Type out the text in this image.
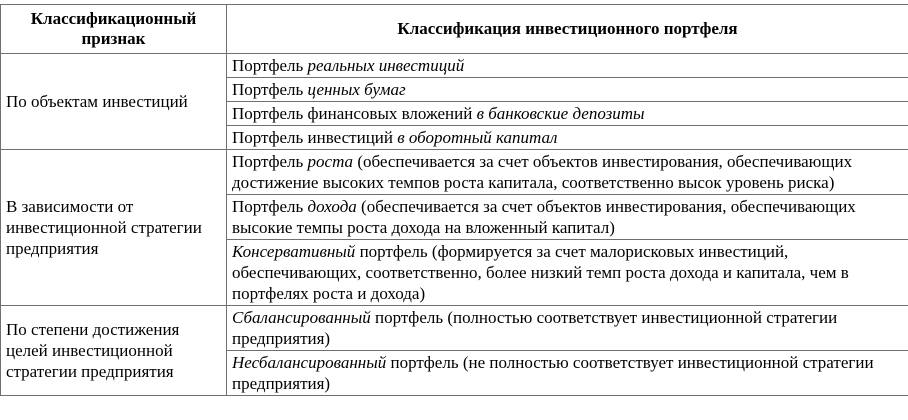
Классификационный признак	Классификация инвестиционного портфеля
По объектам инвестиций	Портфель реальных инвестиций
	Портфель ценных бумаг
	Портфель финансовых вложений в банковские депозиты
	Портфель инвестиций в оборотный капитал
В зависимости от инвестиционной стратегии предприятия	Портфель роста (обеспечивается за счет объектов инвестирования, обеспечивающих достижение высоких темпов роста капитала, соответственно высок уровень риска)
	Портфель дохода (обеспечивается за счет объектов инвестирования, обеспечивающих высокие темпы роста дохода на вложенный капитал)
	Консервативный портфель (формируется за счет малорисковых инвестиций, обеспечивающих, соответственно, более низкий темп роста дохода и капитала, чем в портфелях роста и дохода)
По степени достижения целей инвестиционной стратегии предприятия	Сбалансированный портфель (полностью соответствует инвестиционной стратегии предприятия)
	Несбалансированный портфель (не полностью соответствует инвестиционной стратегии предприятия)
